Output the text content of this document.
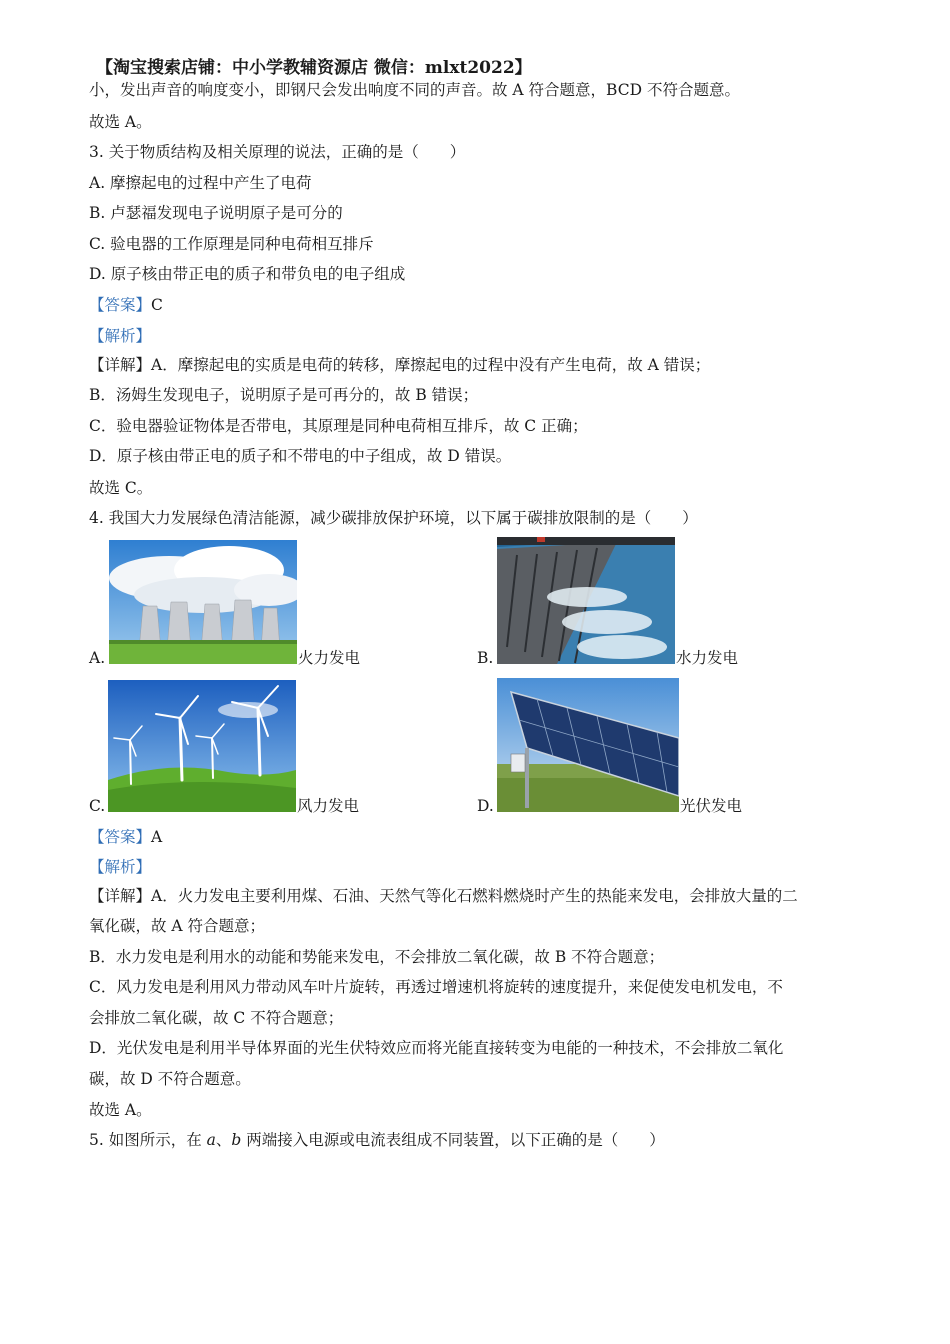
【淘宝搜索店铺：中小学教辅资源店 微信：mlxt2022】
小，发出声音的响度变小，即钢尺会发出响度不同的声音。故 A 符合题意，BCD 不符合题意。
故选 A。
3. 关于物质结构及相关原理的说法，正确的是（　　）
A. 摩擦起电的过程中产生了电荷
B. 卢瑟福发现电子说明原子是可分的
C. 验电器的工作原理是同种电荷相互排斥
D. 原子核由带正电的质子和带负电的电子组成
【答案】C
【解析】
【详解】A．摩擦起电的实质是电荷的转移，摩擦起电的过程中没有产生电荷，故 A 错误；
B．汤姆生发现电子，说明原子是可再分的，故 B 错误；
C．验电器验证物体是否带电，其原理是同种电荷相互排斥，故 C 正确；
D．原子核由带正电的质子和不带电的中子组成，故 D 错误。
故选 C。
4. 我国大力发展绿色清洁能源，减少碳排放保护环境，以下属于碳排放限制的是（　　）
A.	火力发电	B.	水力发电
C.	风力发电	D.	光伏发电
【答案】A
【解析】
【详解】A．火力发电主要利用煤、石油、天然气等化石燃料燃烧时产生的热能来发电，会排放大量的二
氧化碳，故 A 符合题意；
B．水力发电是利用水的动能和势能来发电，不会排放二氧化碳，故 B 不符合题意；
C．风力发电是利用风力带动风车叶片旋转，再透过增速机将旋转的速度提升，来促使发电机发电，不
会排放二氧化碳，故 C 不符合题意；
D．光伏发电是利用半导体界面的光生伏特效应而将光能直接转变为电能的一种技术，不会排放二氧化
碳，故 D 不符合题意。
故选 A。
5. 如图所示，在 a、b 两端接入电源或电流表组成不同装置，以下正确的是（　　）
